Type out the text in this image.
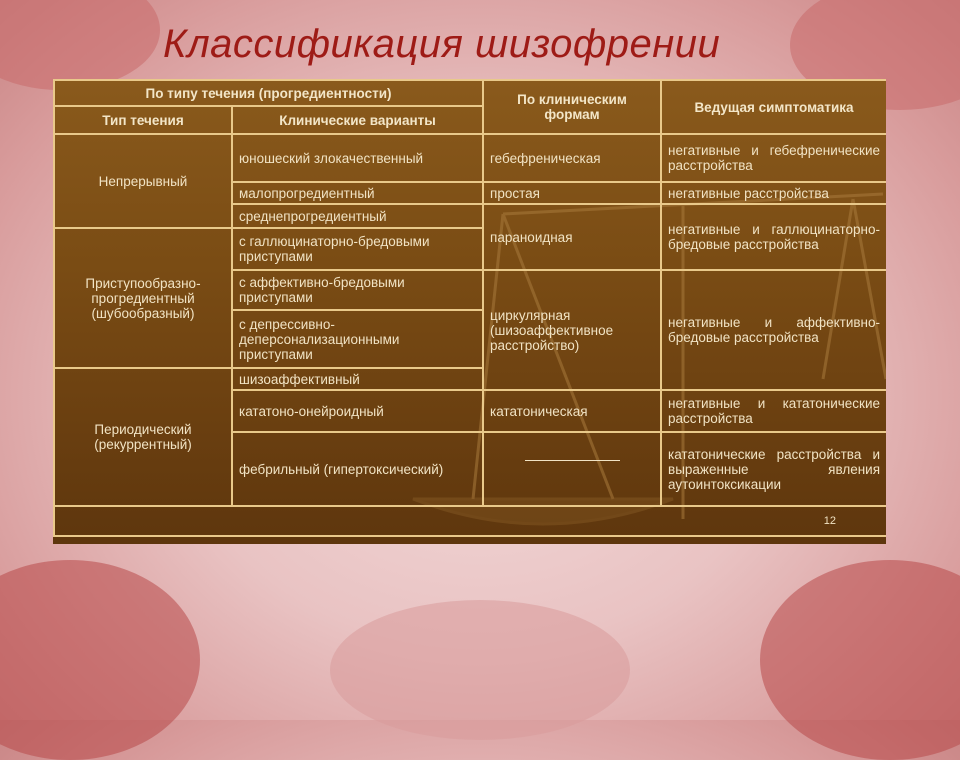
Классификация шизофрении
По типу течения (прогредиентности)		По клиническим формам	Ведущая симптоматика
Тип течения	Клинические варианты		
Непрерывный	юношеский злокачественный	гебефреническая	негативные и гебефренические расстройства
	малопрогредиентный	простая	негативные расстройства
	среднепрогредиентный	параноидная	негативные и галлюцинаторно-бредовые расстройства
Приступообразно-прогредиентный (шубообразный)	с галлюцинаторно-бредовыми приступами		
	с аффективно-бредовыми приступами	циркулярная (шизоаффективное расстройство)	негативные и аффективно-бредовые расстройства
	с депрессивно-деперсонализационными приступами		
Периодический (рекуррентный)	шизоаффективный		
	кататоно-онейроидный	кататоническая	негативные и кататонические расстройства
	фебрильный (гипертоксический)		кататонические расстройства и выраженные явления аутоинтоксикации
12			
